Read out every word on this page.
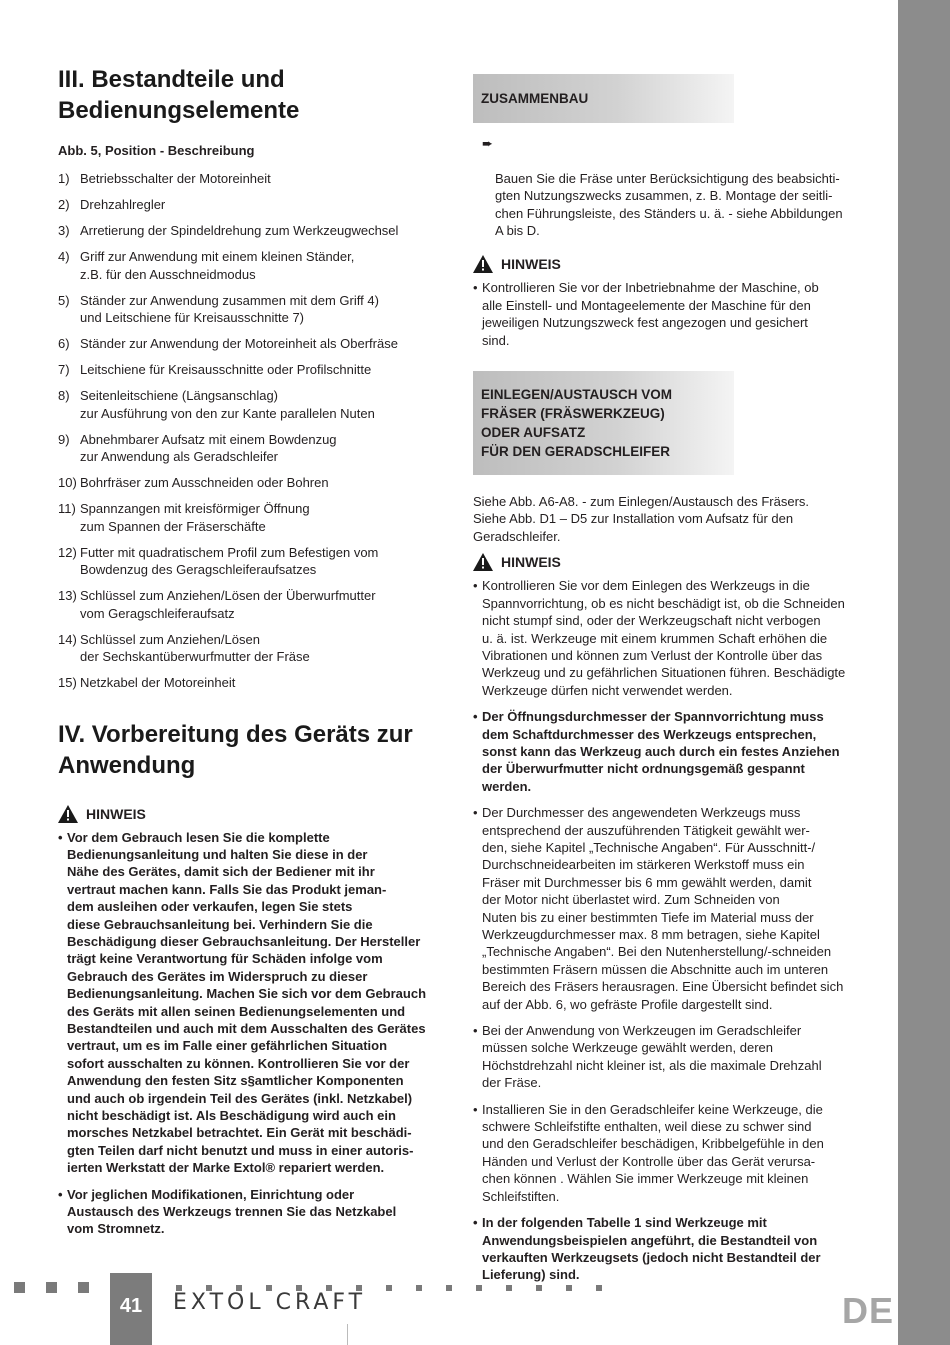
III. Bestandteile und
Bedienungselemente
Abb. 5, Position - Beschreibung
1) Betriebsschalter der Motoreinheit
2) Drehzahlregler
3) Arretierung der Spindeldrehung zum Werkzeugwechsel
4) Griff zur Anwendung mit einem kleinen Ständer,
z.B. für den Ausschneidmodus
5) Ständer zur Anwendung zusammen mit dem Griff 4)
und Leitschiene für Kreisausschnitte 7)
6) Ständer zur Anwendung der Motoreinheit als Oberfräse
7) Leitschiene für Kreisausschnitte oder Profilschnitte
8) Seitenleitschiene (Längsanschlag)
zur Ausführung von den zur Kante parallelen Nuten
9) Abnehmbarer Aufsatz mit einem Bowdenzug
zur Anwendung als Geradschleifer
10) Bohrfräser zum Ausschneiden oder Bohren
11) Spannzangen mit kreisförmiger Öffnung
zum Spannen der Fräserschäfte
12) Futter mit quadratischem Profil zum Befestigen vom
Bowdenzug des Geragschleiferaufsatzes
13) Schlüssel zum Anziehen/Lösen der Überwurfmutter
vom Geragschleiferaufsatz
14) Schlüssel zum Anziehen/Lösen
der Sechskantüberwurfmutter der Fräse
15) Netzkabel der Motoreinheit
IV. Vorbereitung des Geräts zur
Anwendung
HINWEIS
• Vor dem Gebrauch lesen Sie die komplette
Bedienungsanleitung und halten Sie diese in der
Nähe des Gerätes, damit sich der Bediener mit ihr
vertraut machen kann. Falls Sie das Produkt jeman-
dem ausleihen oder verkaufen, legen Sie stets
diese Gebrauchsanleitung bei. Verhindern Sie die
Beschädigung dieser Gebrauchsanleitung. Der Hersteller
trägt keine Verantwortung für Schäden infolge vom
Gebrauch des Gerätes im Widerspruch zu dieser
Bedienungsanleitung. Machen Sie sich vor dem Gebrauch
des Geräts mit allen seinen Bedienungselementen und
Bestandteilen und auch mit dem Ausschalten des Gerätes
vertraut, um es im Falle einer gefährlichen Situation
sofort ausschalten zu können. Kontrollieren Sie vor der
Anwendung den festen Sitz s§amtlicher Komponenten
und auch ob irgendein Teil des Gerätes (inkl. Netzkabel)
nicht beschädigt ist. Als Beschädigung wird auch ein
morsches Netzkabel betrachtet. Ein Gerät mit beschädi-
gten Teilen darf nicht benutzt und muss in einer autoris-
ierten Werkstatt der Marke Extol® repariert werden.
• Vor jeglichen Modifikationen, Einrichtung oder
Austausch des Werkzeugs trennen Sie das Netzkabel
vom Stromnetz.
ZUSAMMENBAU

➨

Bauen Sie die Fräse unter Berücksichtigung des beabsichti-
gten Nutzungszwecks zusammen, z. B. Montage der seitli-
chen Führungsleiste, des Ständers u. ä. - siehe Abbildungen
A bis D.

HINWEIS
• Kontrollieren Sie vor der Inbetriebnahme der Maschine, ob
alle Einstell- und Montageelemente der Maschine für den
jeweiligen Nutzungszweck fest angezogen und gesichert
sind.
EINLEGEN/AUSTAUSCH VOM
FRÄSER (FRÄSWERKZEUG)
ODER AUFSATZ
FÜR DEN GERADSCHLEIFER
Siehe Abb. A6-A8. - zum Einlegen/Austausch des Fräsers.
Siehe Abb. D1 – D5 zur Installation vom Aufsatz für den
Geradschleifer.
HINWEIS
• Kontrollieren Sie vor dem Einlegen des Werkzeugs in die
Spannvorrichtung, ob es nicht beschädigt ist, ob die Schneiden
nicht stumpf sind, oder der Werkzeugschaft nicht verbogen
u. ä. ist. Werkzeuge mit einem krummen Schaft erhöhen die
Vibrationen und können zum Verlust der Kontrolle über das
Werkzeug und zu gefährlichen Situationen führen. Beschädigte
Werkzeuge dürfen nicht verwendet werden.
• Der Öffnungsdurchmesser der Spannvorrichtung muss
dem Schaftdurchmesser des Werkzeugs entsprechen,
sonst kann das Werkzeug auch durch ein festes Anziehen
der Überwurfmutter nicht ordnungsgemäß gespannt
werden.
• Der Durchmesser des angewendeten Werkzeugs muss
entsprechend der auszuführenden Tätigkeit gewählt wer-
den, siehe Kapitel „Technische Angaben“. Für Ausschnitt-/
Durchschneidearbeiten im stärkeren Werkstoff muss ein
Fräser mit Durchmesser bis 6 mm gewählt werden, damit
der Motor nicht überlastet wird. Zum Schneiden von
Nuten bis zu einer bestimmten Tiefe im Material muss der
Werkzeugdurchmesser max. 8 mm betragen, siehe Kapitel
„Technische Angaben“. Bei den Nutenherstellung/-schneiden
bestimmten Fräsern müssen die Abschnitte auch im unteren
Bereich des Fräsers herausragen. Eine Übersicht befindet sich
auf der Abb. 6, wo gefräste Profile dargestellt sind.
• Bei der Anwendung von Werkzeugen im Geradschleifer
müssen solche Werkzeuge gewählt werden, deren
Höchstdrehzahl nicht kleiner ist, als die maximale Drehzahl
der Fräse.
• Installieren Sie in den Geradschleifer keine Werkzeuge, die
schwere Schleifstifte enthalten, weil diese zu schwer sind
und den Geradschleifer beschädigen, Kribbelgefühle in den
Händen und Verlust der Kontrolle über das Gerät verursa-
chen können . Wählen Sie immer Werkzeuge mit kleinen
Schleifstiften.
• In der folgenden Tabelle 1 sind Werkzeuge mit
Anwendungsbeispielen angeführt, die Bestandteil von
verkauften Werkzeugsets (jedoch nicht Bestandteil der
Lieferung) sind.
41	EXTOL CRAFT	DE
